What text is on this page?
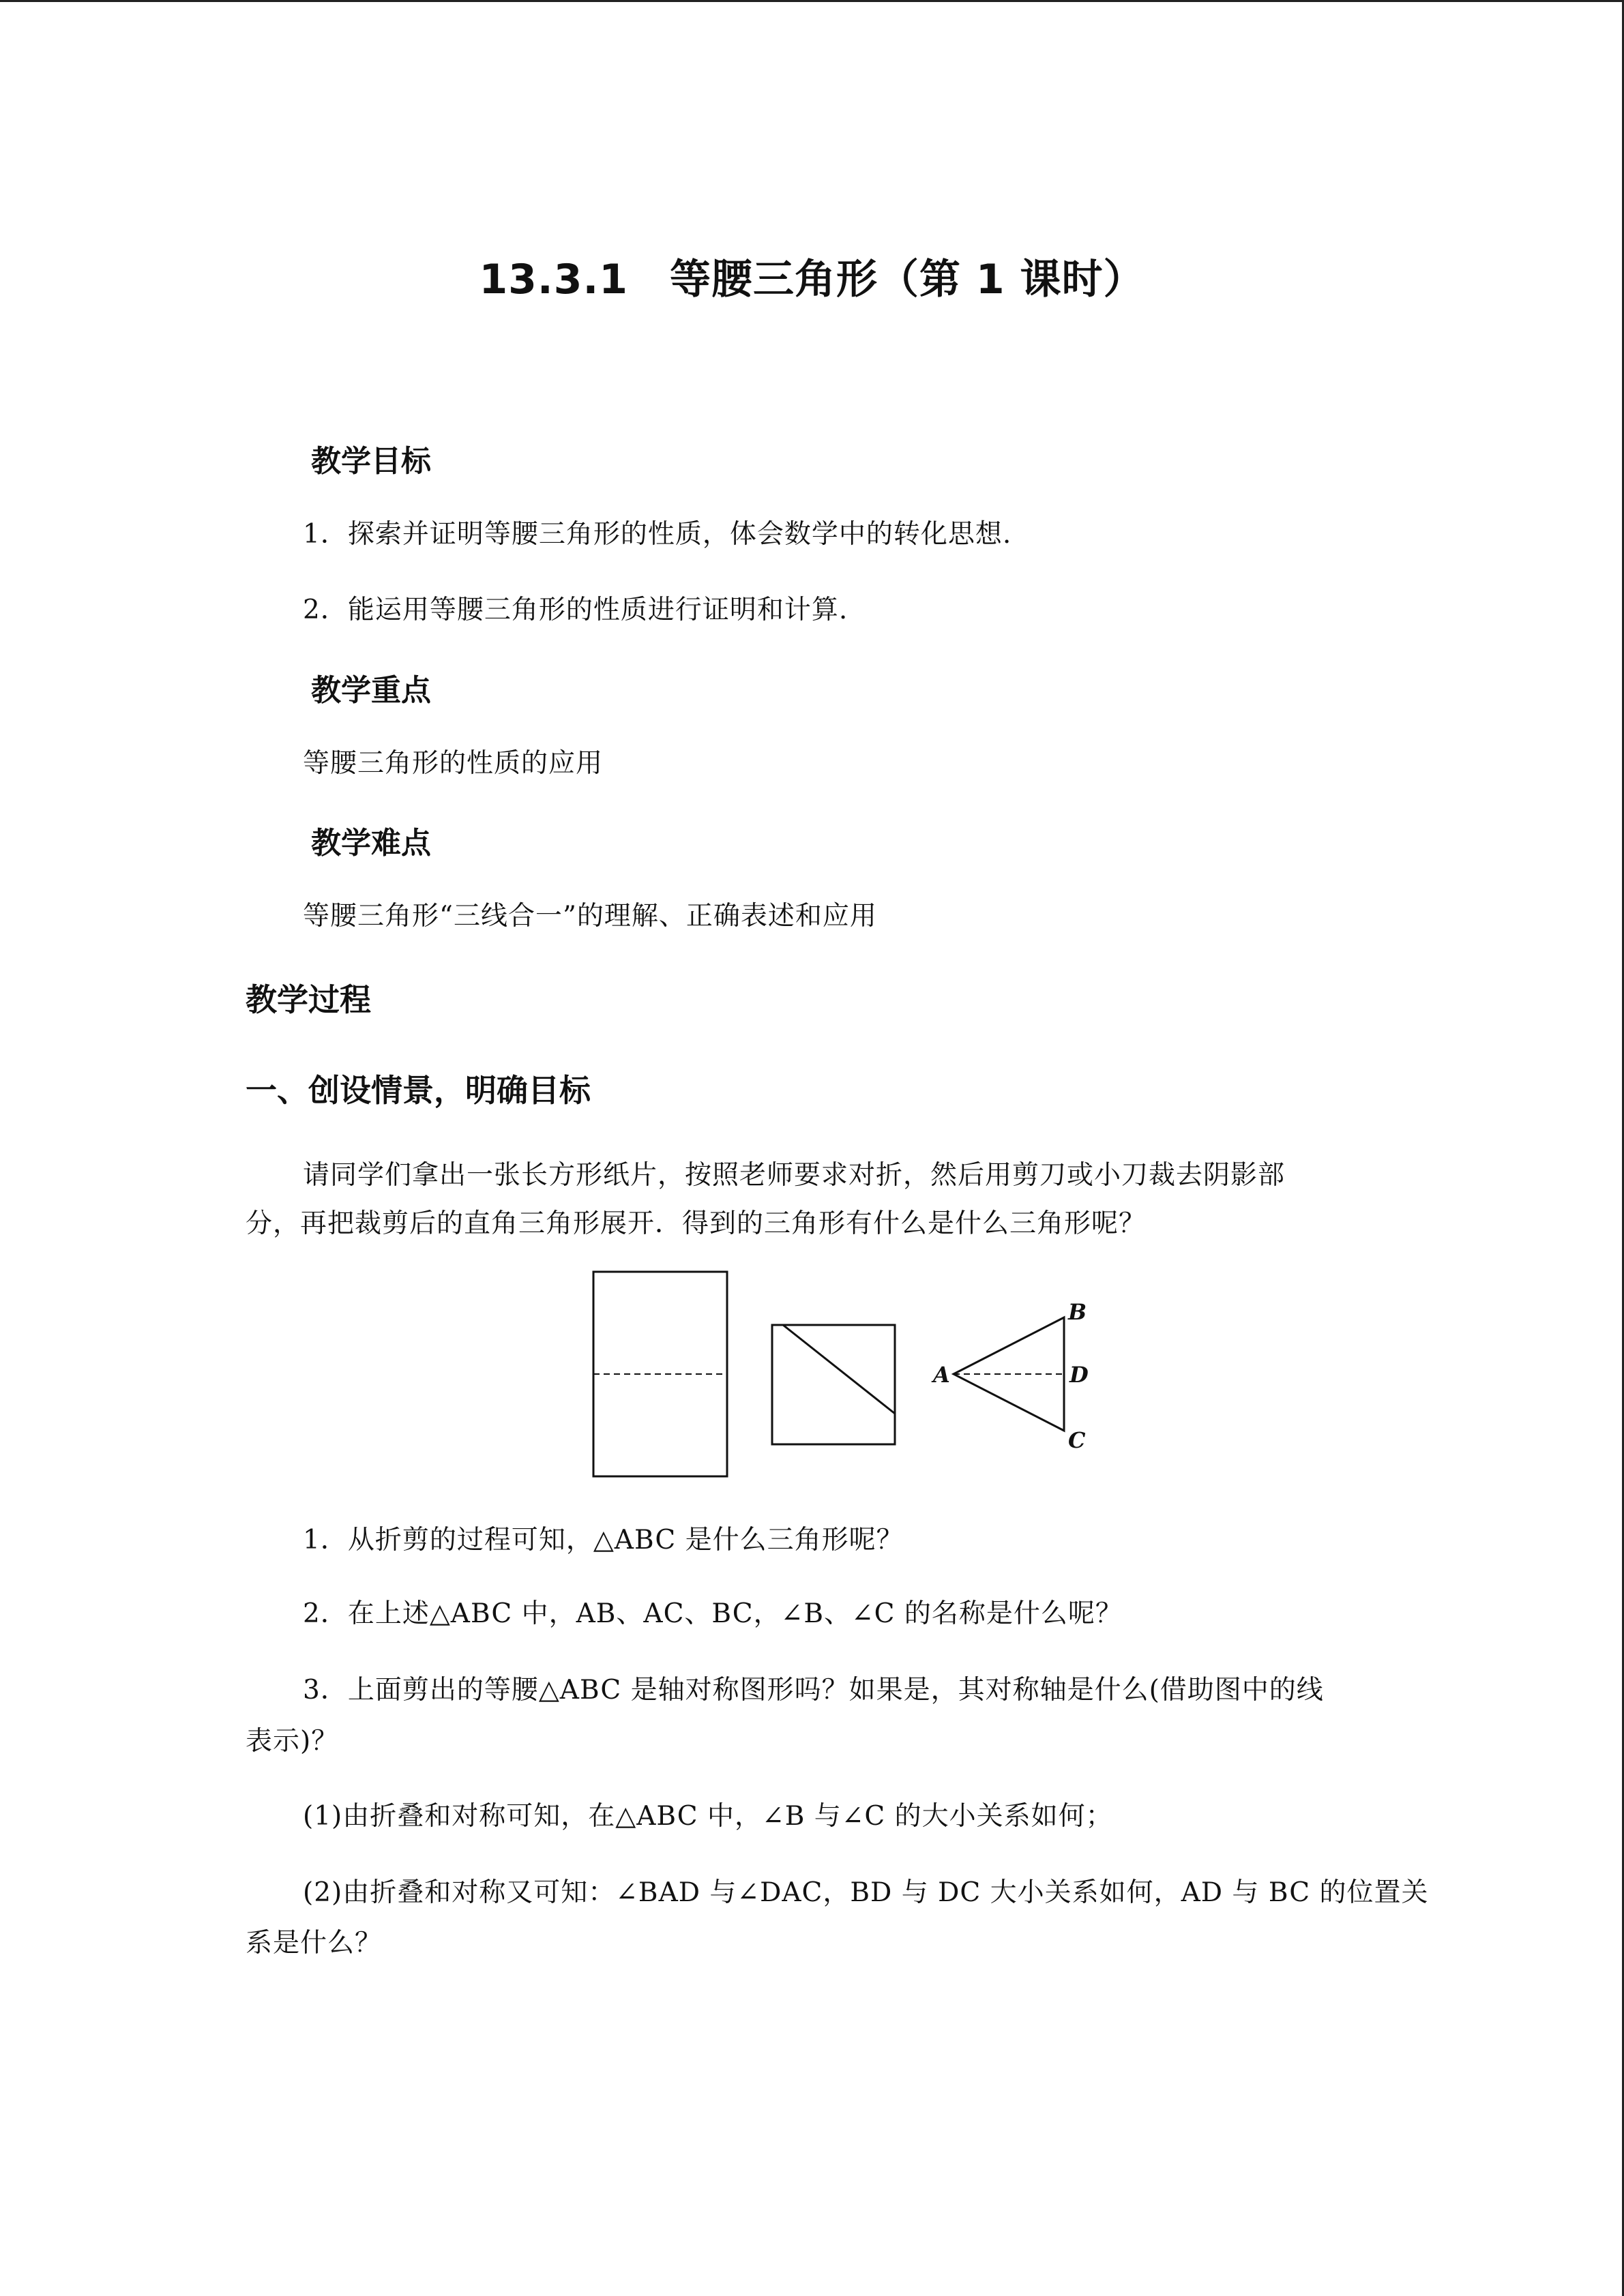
13.3.1　等腰三角形（第 1 课时）
教学目标
1．探索并证明等腰三角形的性质，体会数学中的转化思想.
2．能运用等腰三角形的性质进行证明和计算.
教学重点
等腰三角形的性质的应用
教学难点
等腰三角形“三线合一”的理解、正确表述和应用
教学过程
一、创设情景，明确目标
请同学们拿出一张长方形纸片，按照老师要求对折，然后用剪刀或小刀裁去阴影部
分，再把裁剪后的直角三角形展开．得到的三角形有什么是什么三角形呢？
A
B
D
C
1．从折剪的过程可知，△ABC 是什么三角形呢？
2．在上述△ABC 中，AB、AC、BC，∠B、∠C 的名称是什么呢？
3．上面剪出的等腰△ABC 是轴对称图形吗？如果是，其对称轴是什么(借助图中的线
表示)？
(1)由折叠和对称可知，在△ABC 中，∠B 与∠C 的大小关系如何；
(2)由折叠和对称又可知：∠BAD 与∠DAC，BD 与 DC 大小关系如何，AD 与 BC 的位置关
系是什么？
